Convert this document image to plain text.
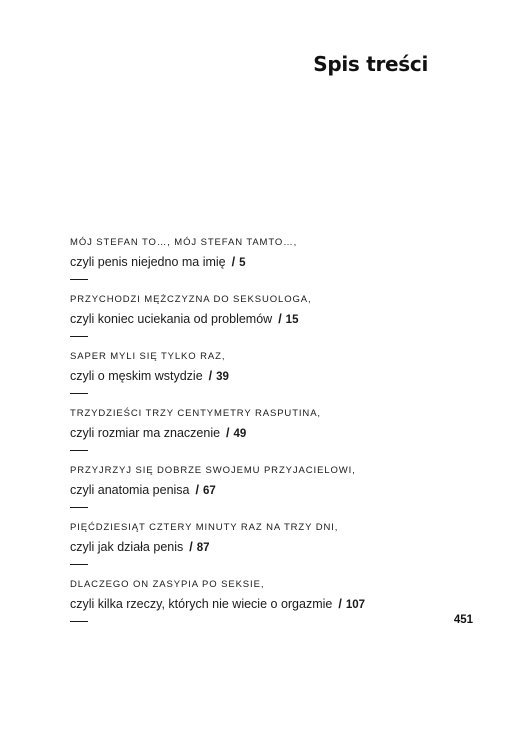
Spis treści
MÓJ STEFAN TO…, MÓJ STEFAN TAMTO…,
czyli penis niejedno ma imię / 5
PRZYCHODZI MĘŻCZYZNA DO SEKSUOLOGA,
czyli koniec uciekania od problemów / 15
SAPER MYLI SIĘ TYLKO RAZ,
czyli o męskim wstydzie / 39
TRZYDZIEŚCI TRZY CENTYMETRY RASPUTINA,
czyli rozmiar ma znaczenie / 49
PRZYJRZYJ SIĘ DOBRZE SWOJEMU PRZYJACIELOWI,
czyli anatomia penisa / 67
PIĘĆDZIESIĄT CZTERY MINUTY RAZ NA TRZY DNI,
czyli jak działa penis / 87
DLACZEGO ON ZASYPIA PO SEKSIE,
czyli kilka rzeczy, których nie wiecie o orgazmie / 107
451
